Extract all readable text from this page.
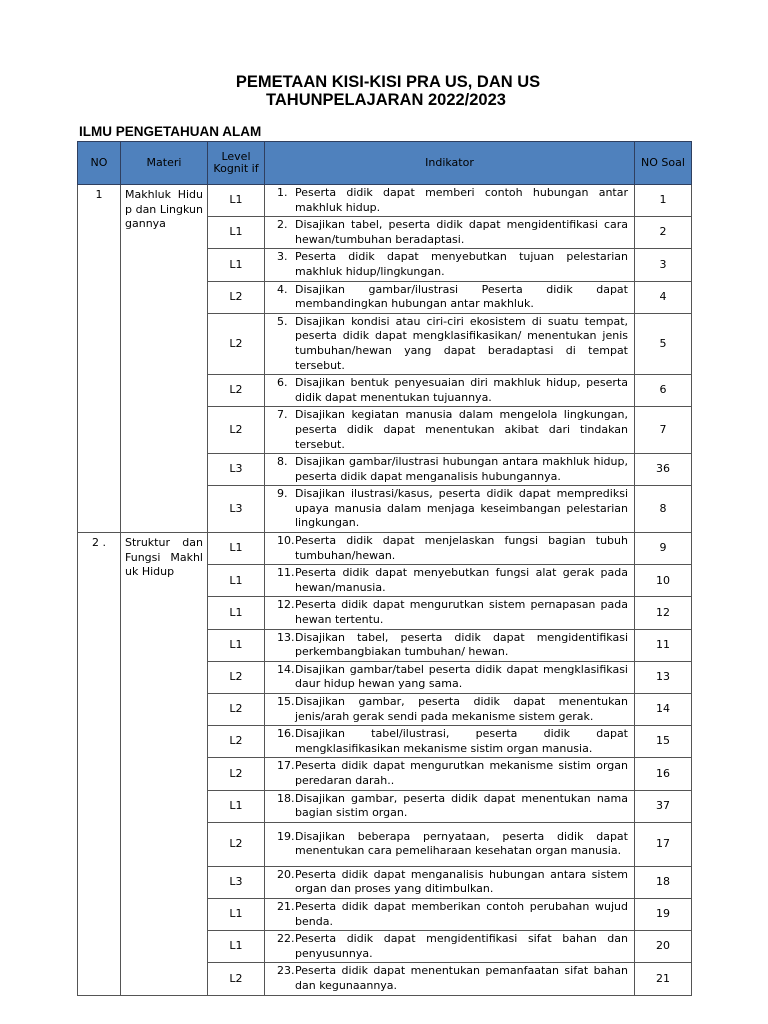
PEMETAAN KISI-KISI PRA US, DAN US
TAHUNPELAJARAN 2022/2023
ILMU PENGETAHUAN ALAM
NO	Materi	Level Kognit if	Indikator	NO Soal
1	Makhluk Hidup dan Lingkungannya	L1	1. Peserta didik dapat memberi contoh hubungan antar makhluk hidup.	1
		L1	2. Disajikan tabel, peserta didik dapat mengidentifikasi cara hewan/tumbuhan beradaptasi.	2
		L1	3. Peserta didik dapat menyebutkan tujuan pelestarian makhluk hidup/lingkungan.	3
		L2	4. Disajikan gambar/ilustrasi Peserta didik dapat membandingkan hubungan antar makhluk.	4
		L2	5. Disajikan kondisi atau ciri-ciri ekosistem di suatu tempat, peserta didik dapat mengklasifikasikan/ menentukan jenis tumbuhan/hewan yang dapat beradaptasi di tempat tersebut.	5
		L2	6. Disajikan bentuk penyesuaian diri makhluk hidup, peserta didik dapat menentukan tujuannya.	6
		L2	7. Disajikan kegiatan manusia dalam mengelola lingkungan, peserta didik dapat menentukan akibat dari tindakan tersebut.	7
		L3	8. Disajikan gambar/ilustrasi hubungan antara makhluk hidup, peserta didik dapat menganalisis hubungannya.	36
		L3	9. Disajikan ilustrasi/kasus, peserta didik dapat memprediksi upaya manusia dalam menjaga keseimbangan pelestarian lingkungan.	8
2 .	Struktur dan Fungsi Makhluk Hidup	L1	10. Peserta didik dapat menjelaskan fungsi bagian tubuh tumbuhan/hewan.	9
		L1	11. Peserta didik dapat menyebutkan fungsi alat gerak pada hewan/manusia.	10
		L1	12. Peserta didik dapat mengurutkan sistem pernapasan pada hewan tertentu.	12
		L1	13. Disajikan tabel, peserta didik dapat mengidentifikasi perkembangbiakan tumbuhan/ hewan.	11
		L2	14. Disajikan gambar/tabel peserta didik dapat mengklasifikasi daur hidup hewan yang sama.	13
		L2	15. Disajikan gambar, peserta didik dapat menentukan jenis/arah gerak sendi pada mekanisme sistem gerak.	14
		L2	16. Disajikan tabel/ilustrasi, peserta didik dapat mengklasifikasikan mekanisme sistim organ manusia.	15
		L2	17. Peserta didik dapat mengurutkan mekanisme sistim organ peredaran darah..	16
		L1	18. Disajikan gambar, peserta didik dapat menentukan nama bagian sistim organ.	37
		L2	19. Disajikan beberapa pernyataan, peserta didik dapat menentukan cara pemeliharaan kesehatan organ manusia.	17
		L3	20. Peserta didik dapat menganalisis hubungan antara sistem organ dan proses yang ditimbulkan.	18
		L1	21. Peserta didik dapat memberikan contoh perubahan wujud benda.	19
		L1	22. Peserta didik dapat mengidentifikasi sifat bahan dan penyusunnya.	20
		L2	23. Peserta didik dapat menentukan pemanfaatan sifat bahan dan kegunaannya.	21
